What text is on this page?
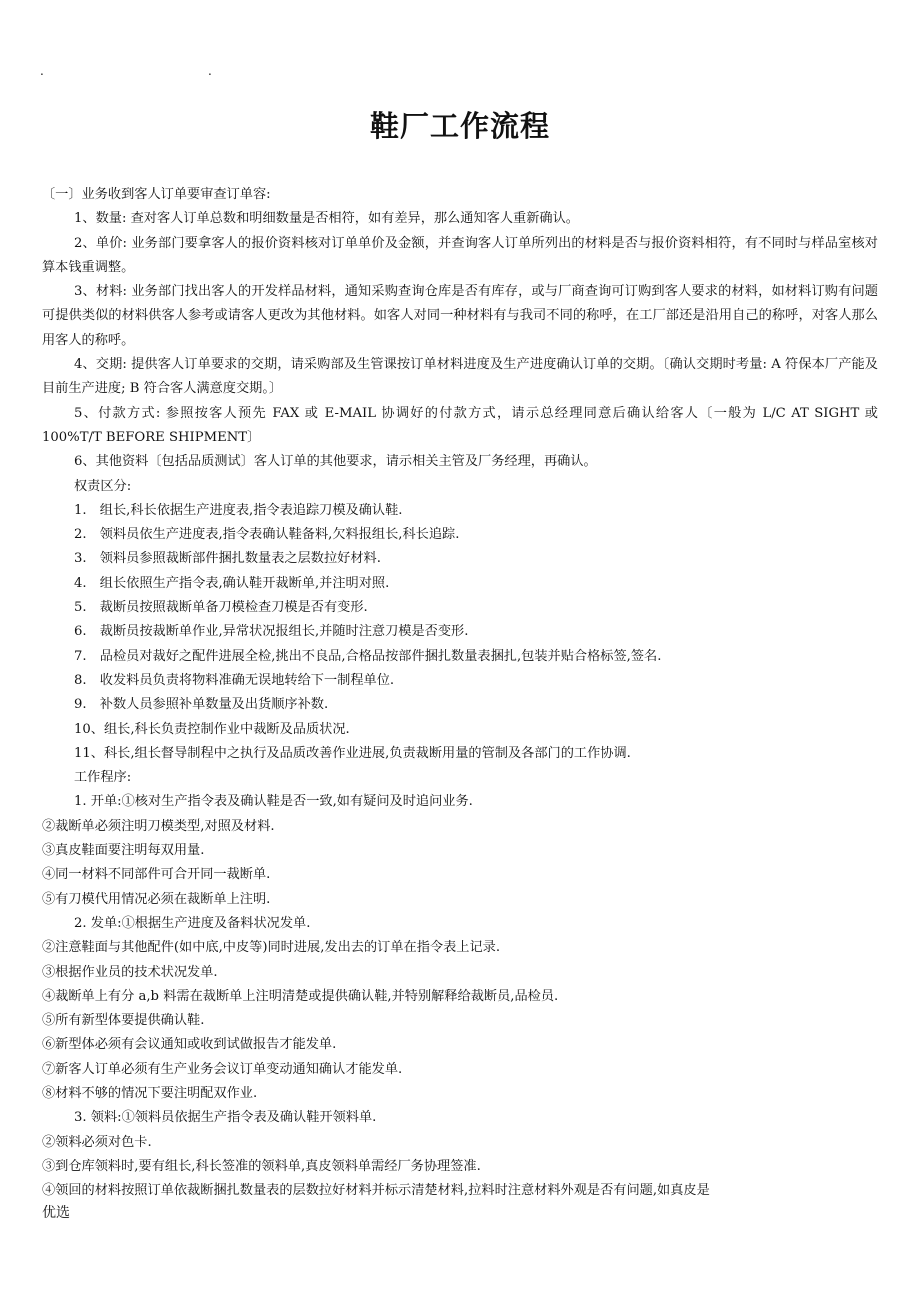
.	.
鞋厂工作流程

〔一〕业务收到客人订单要审查订单容:

1、数量: 查对客人订单总数和明细数量是否相符，如有差异，那么通知客人重新确认。

2、单价: 业务部门要拿客人的报价资料核对订单单价及金额，并查询客人订单所列出的材料是否与报价资料相符，有不同时与样品室核对算本钱重调整。

3、材料: 业务部门找出客人的开发样品材料，通知采购查询仓库是否有库存，或与厂商查询可订购到客人要求的材料，如材料订购有问题可提供类似的材料供客人参考或请客人更改为其他材料。如客人对同一种材料有与我司不同的称呼，在工厂部还是沿用自己的称呼，对客人那么用客人的称呼。

4、交期: 提供客人订单要求的交期，请采购部及生管课按订单材料进度及生产进度确认订单的交期。〔确认交期时考量: A 符保本厂产能及目前生产进度; B 符合客人满意度交期。〕

5、付款方式: 参照按客人预先 FAX 或 E-MAIL 协调好的付款方式，请示总经理同意后确认给客人〔一般为 L/C AT SIGHT 或 100%T/T BEFORE SHIPMENT〕

6、其他资料〔包括品质测试〕客人订单的其他要求，请示相关主管及厂务经理，再确认。

权责区分:

1.　组长,科长依据生产进度表,指令表追踪刀模及确认鞋.

2.　领料员依生产进度表,指令表确认鞋备料,欠料报组长,科长追踪.

3.　领料员参照裁断部件捆扎数量表之层数拉好材料.

4.　组长依照生产指令表,确认鞋开裁断单,并注明对照.

5.　裁断员按照裁断单备刀模检查刀模是否有变形.

6.　裁断员按裁断单作业,异常状况报组长,并随时注意刀模是否变形.

7.　品检员对裁好之配件进展全检,挑出不良品,合格品按部件捆扎数量表捆扎,包装并贴合格标签,签名.

8.　收发料员负责将物料准确无误地转给下一制程单位.

9.　补数人员参照补单数量及出货顺序补数.

10、组长,科长负责控制作业中裁断及品质状况.

11、科长,组长督导制程中之执行及品质改善作业进展,负责裁断用量的管制及各部门的工作协调.

工作程序:

1. 开单:①核对生产指令表及确认鞋是否一致,如有疑问及时追问业务.

②裁断单必须注明刀模类型,对照及材料.

③真皮鞋面要注明每双用量.

④同一材料不同部件可合开同一裁断单.

⑤有刀模代用情况必须在裁断单上注明.

2. 发单:①根据生产进度及备料状况发单.

②注意鞋面与其他配件(如中底,中皮等)同时进展,发出去的订单在指令表上记录.

③根据作业员的技术状况发单.

④裁断单上有分 a,b 料需在裁断单上注明清楚或提供确认鞋,并特别解释给裁断员,品检员.

⑤所有新型体要提供确认鞋.

⑥新型体必须有会议通知或收到试做报告才能发单.

⑦新客人订单必须有生产业务会议订单变动通知确认才能发单.

⑧材料不够的情况下要注明配双作业.

3. 领料:①领料员依据生产指令表及确认鞋开领料单.

②领料必须对色卡.

③到仓库领料时,要有组长,科长签准的领料单,真皮领料单需经厂务协理签准.

④领回的材料按照订单依裁断捆扎数量表的层数拉好材料并标示清楚材料,拉料时注意材料外观是否有问题,如真皮是

优选
